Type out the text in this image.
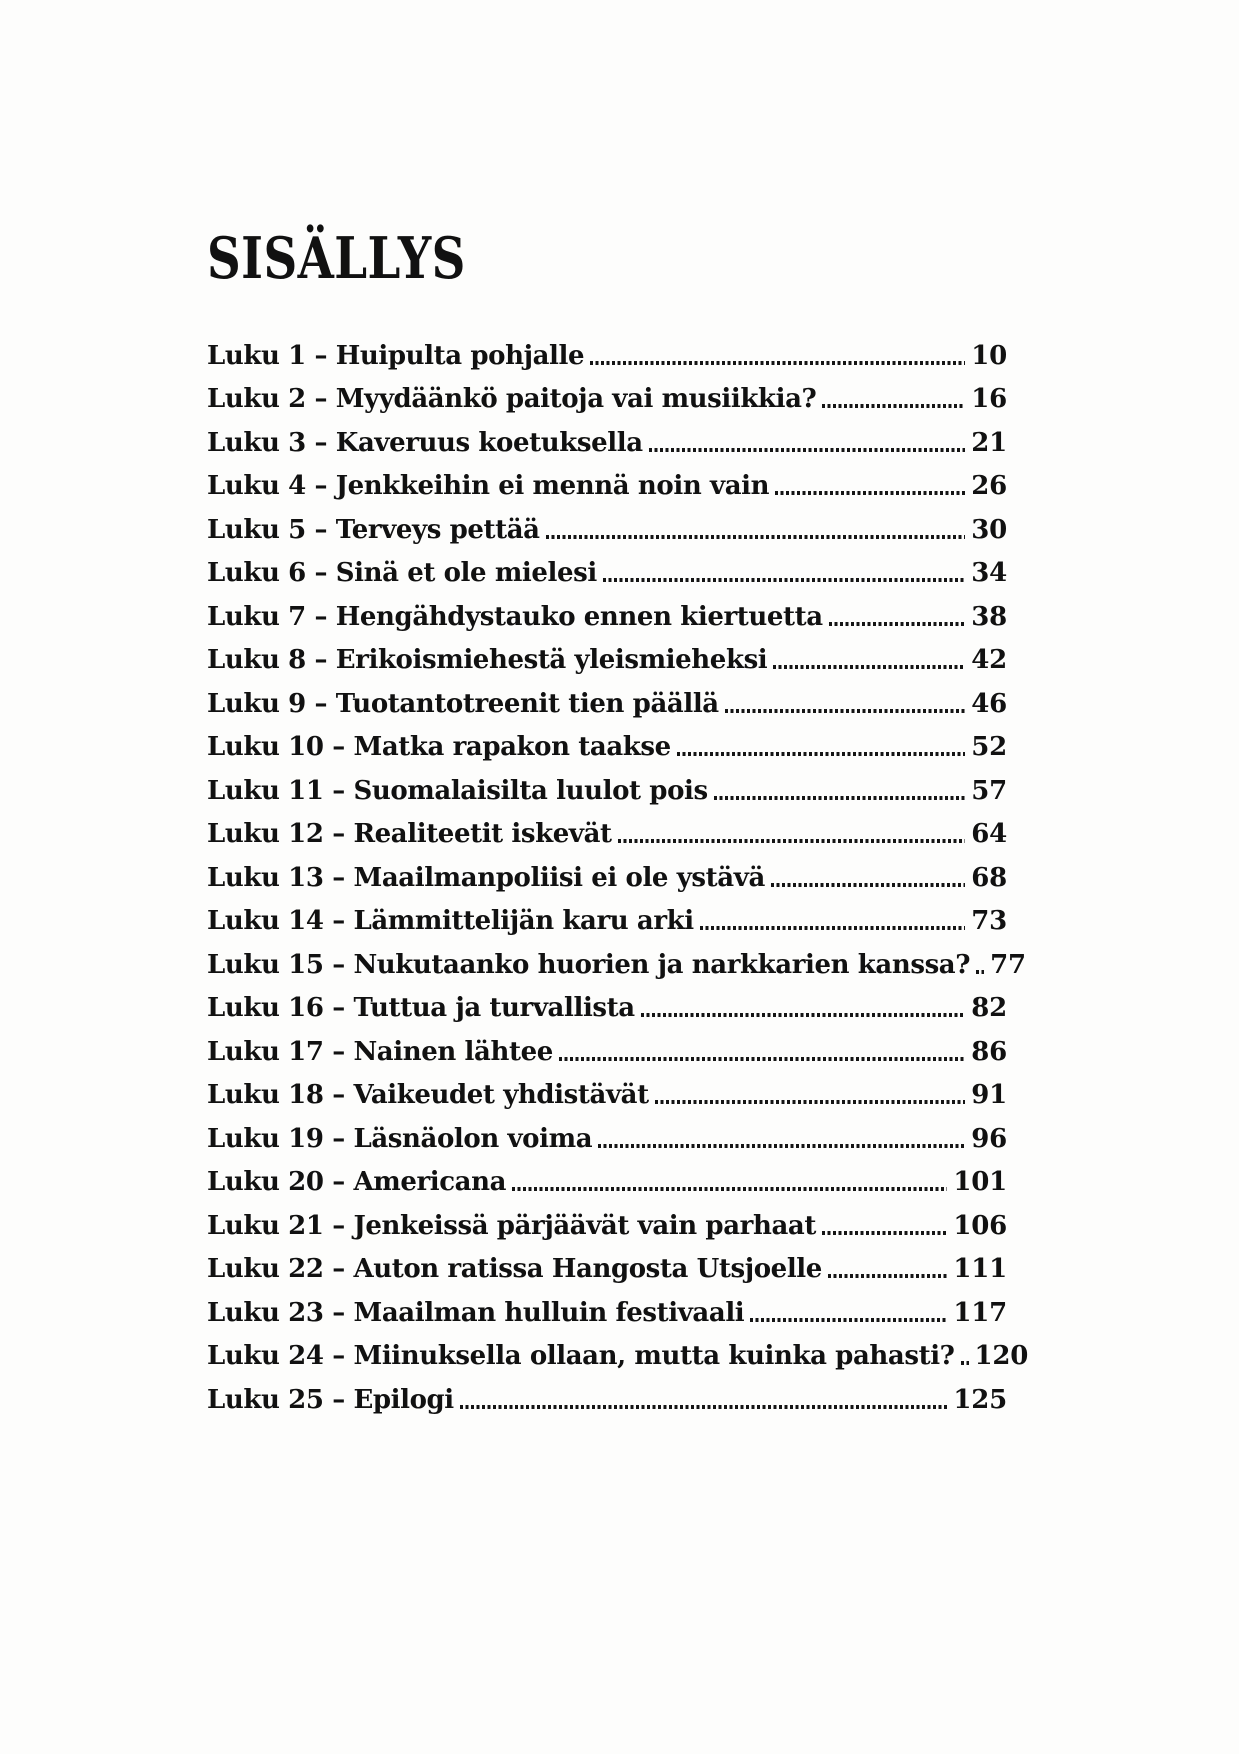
SISÄLLYS
Luku 1 – Huipulta pohjalle	10
Luku 2 – Myydäänkö paitoja vai musiikkia?	16
Luku 3 – Kaveruus koetuksella	21
Luku 4 – Jenkkeihin ei mennä noin vain	26
Luku 5 – Terveys pettää	30
Luku 6 – Sinä et ole mielesi	34
Luku 7 – Hengähdystauko ennen kiertuetta	38
Luku 8 – Erikoismiehestä yleismieheksi	42
Luku 9 – Tuotantotreenit tien päällä	46
Luku 10 – Matka rapakon taakse	52
Luku 11 – Suomalaisilta luulot pois	57
Luku 12 – Realiteetit iskevät	64
Luku 13 – Maailmanpoliisi ei ole ystävä	68
Luku 14 – Lämmittelijän karu arki	73
Luku 15 – Nukutaanko huorien ja narkkarien kanssa? 77
Luku 16 – Tuttua ja turvallista	82
Luku 17 – Nainen lähtee	86
Luku 18 – Vaikeudet yhdistävät	91
Luku 19 – Läsnäolon voima	96
Luku 20 – Americana	101
Luku 21 – Jenkeissä pärjäävät vain parhaat	106
Luku 22 – Auton ratissa Hangosta Utsjoelle	111
Luku 23 – Maailman hulluin festivaali	117
Luku 24 – Miinuksella ollaan, mutta kuinka pahasti? 120
Luku 25 – Epilogi	125
